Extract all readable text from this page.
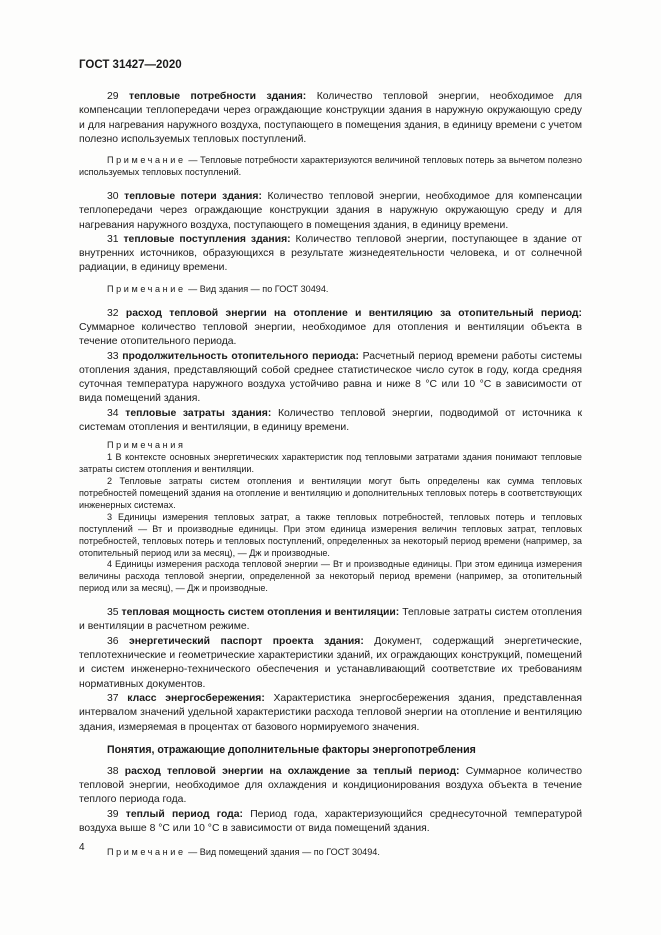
ГОСТ 31427—2020

29 тепловые потребности здания: Количество тепловой энергии, необходимое для компенсации теплопередачи через ограждающие конструкции здания в наружную окружающую среду и для нагревания наружного воздуха, поступающего в помещения здания, в единицу времени с учетом полезно используемых тепловых поступлений.

Примечание — Тепловые потребности характеризуются величиной тепловых потерь за вычетом полезно используемых тепловых поступлений.

30 тепловые потери здания: Количество тепловой энергии, необходимое для компенсации теплопередачи через ограждающие конструкции здания в наружную окружающую среду и для нагревания наружного воздуха, поступающего в помещения здания, в единицу времени.

31 тепловые поступления здания: Количество тепловой энергии, поступающее в здание от внутренних источников, образующихся в результате жизнедеятельности человека, и от солнечной радиации, в единицу времени.

Примечание — Вид здания — по ГОСТ 30494.

32 расход тепловой энергии на отопление и вентиляцию за отопительный период: Суммарное количество тепловой энергии, необходимое для отопления и вентиляции объекта в течение отопительного периода.

33 продолжительность отопительного периода: Расчетный период времени работы системы отопления здания, представляющий собой среднее статистическое число суток в году, когда средняя суточная температура наружного воздуха устойчиво равна и ниже 8 °С или 10 °С в зависимости от вида помещений здания.

34 тепловые затраты здания: Количество тепловой энергии, подводимой от источника к системам отопления и вентиляции, в единицу времени.

Примечания

1 В контексте основных энергетических характеристик под тепловыми затратами здания понимают тепловые затраты систем отопления и вентиляции.

2 Тепловые затраты систем отопления и вентиляции могут быть определены как сумма тепловых потребностей помещений здания на отопление и вентиляцию и дополнительных тепловых потерь в соответствующих инженерных системах.

3 Единицы измерения тепловых затрат, а также тепловых потребностей, тепловых потерь и тепловых поступлений — Вт и производные единицы. При этом единица измерения величин тепловых затрат, тепловых потребностей, тепловых потерь и тепловых поступлений, определенных за некоторый период времени (например, за отопительный период или за месяц), — Дж и производные.

4 Единицы измерения расхода тепловой энергии — Вт и производные единицы. При этом единица измерения величины расхода тепловой энергии, определенной за некоторый период времени (например, за отопительный период или за месяц), — Дж и производные.

35 тепловая мощность систем отопления и вентиляции: Тепловые затраты систем отопления и вентиляции в расчетном режиме.

36 энергетический паспорт проекта здания: Документ, содержащий энергетические, теплотехнические и геометрические характеристики зданий, их ограждающих конструкций, помещений и систем инженерно-технического обеспечения и устанавливающий соответствие их требованиям нормативных документов.

37 класс энергосбережения: Характеристика энергосбережения здания, представленная интервалом значений удельной характеристики расхода тепловой энергии на отопление и вентиляцию здания, измеряемая в процентах от базового нормируемого значения.

Понятия, отражающие дополнительные факторы энергопотребления

38 расход тепловой энергии на охлаждение за теплый период: Суммарное количество тепловой энергии, необходимое для охлаждения и кондиционирования воздуха объекта в течение теплого периода года.

39 теплый период года: Период года, характеризующийся среднесуточной температурой воздуха выше 8 °С или 10 °С в зависимости от вида помещений здания.

Примечание — Вид помещений здания — по ГОСТ 30494.

4
